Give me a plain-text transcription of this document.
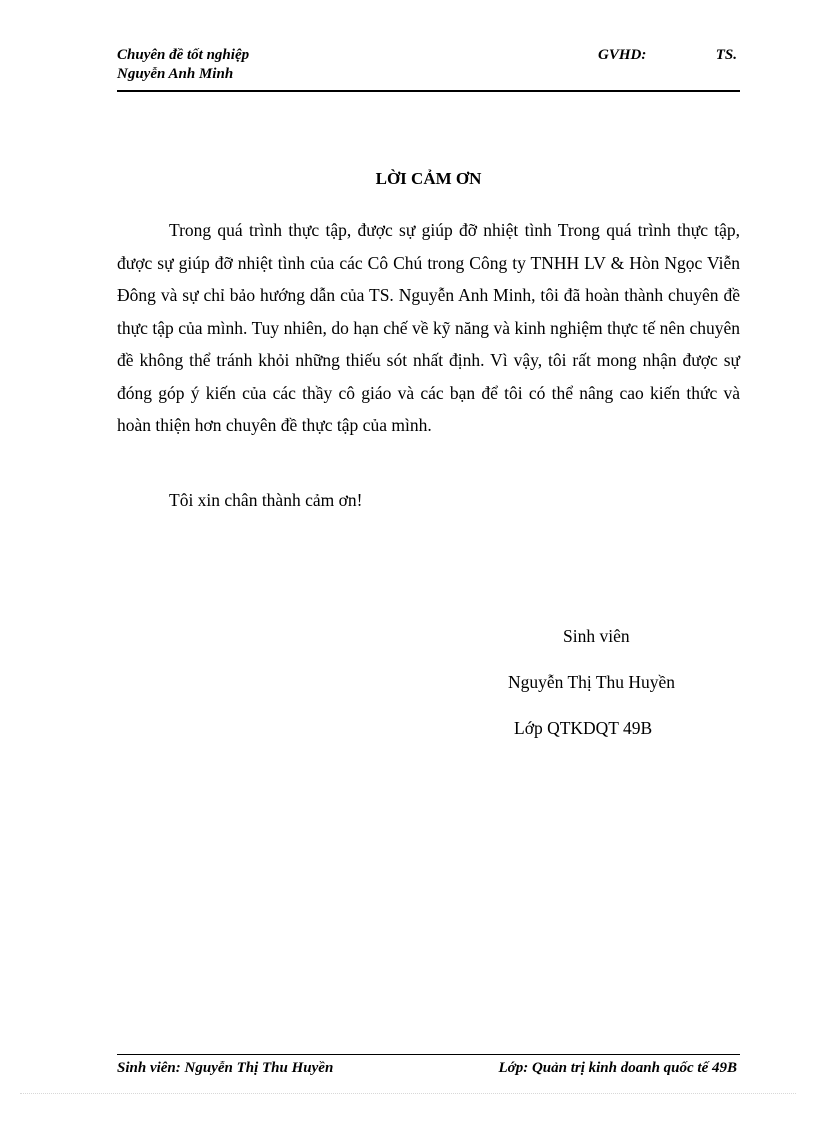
Chuyên đề tốt nghiệp
Nguyễn Anh Minh
GVHD:	TS.
LỜI CẢM ƠN

Trong quá trình thực tập, được sự giúp đỡ nhiệt tình Trong quá trình thực tập, được sự giúp đỡ nhiệt tình của các Cô Chú trong Công ty TNHH LV & Hòn Ngọc Viễn Đông và sự chỉ bảo hướng dẫn của TS. Nguyễn Anh Minh, tôi đã hoàn thành chuyên đề thực tập của mình. Tuy nhiên, do hạn chế về kỹ năng và kinh nghiệm thực tế nên chuyên đề không thể tránh khỏi những thiếu sót nhất định. Vì vậy, tôi rất mong nhận được sự đóng góp ý kiến của các thầy cô giáo và các bạn để tôi có thể nâng cao kiến thức và hoàn thiện hơn chuyên đề thực tập của mình.

Tôi xin chân thành cảm ơn!
Sinh viên
Nguyễn Thị Thu Huyền
Lớp QTKDQT 49B
Sinh viên: Nguyễn Thị Thu Huyền	Lớp: Quản trị kinh doanh quốc tế 49B
